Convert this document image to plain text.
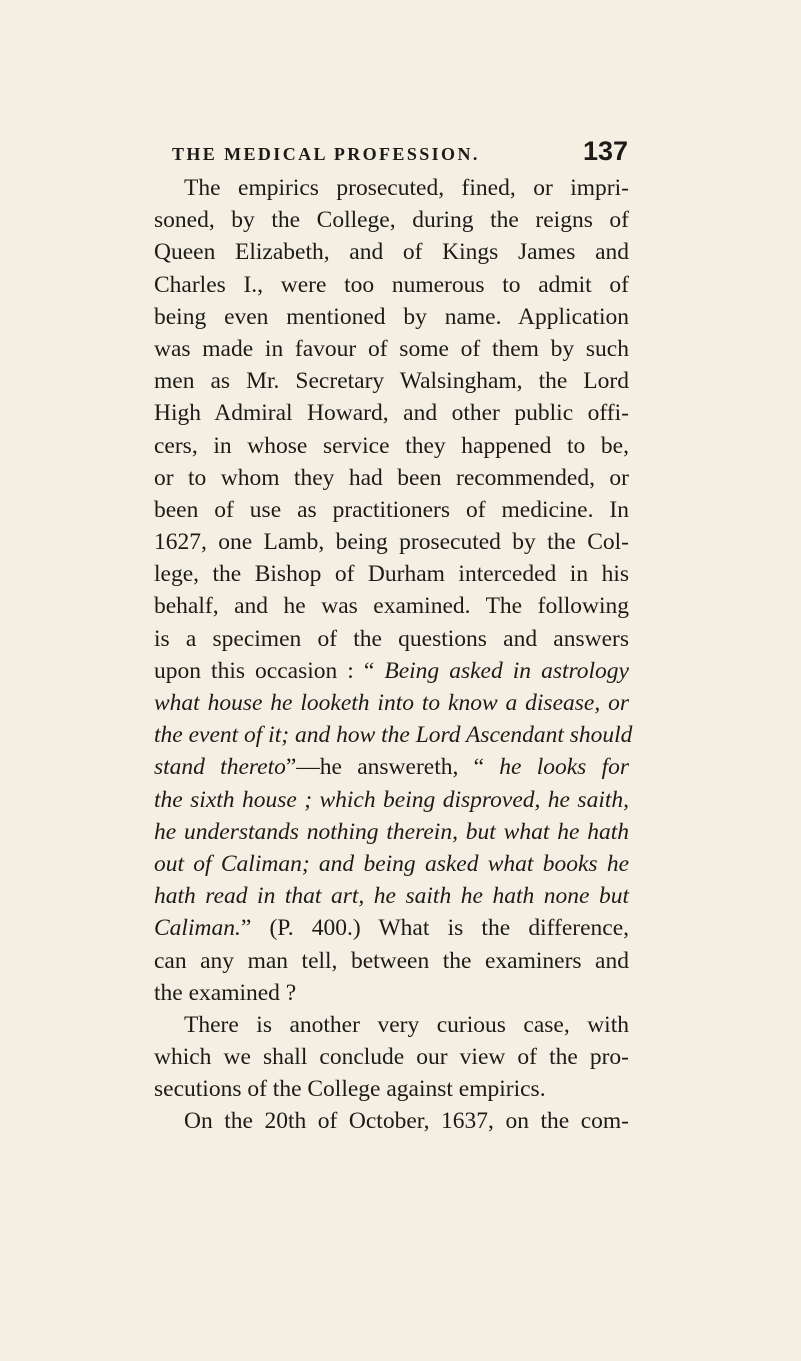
THE MEDICAL PROFESSION.	137
The empirics prosecuted, fined, or impri-
soned, by the College, during the reigns of
Queen Elizabeth, and of Kings James and
Charles I., were too numerous to admit of
being even mentioned by name. Application
was made in favour of some of them by such
men as Mr. Secretary Walsingham, the Lord
High Admiral Howard, and other public offi-
cers, in whose service they happened to be,
or to whom they had been recommended, or
been of use as practitioners of medicine. In
1627, one Lamb, being prosecuted by the Col-
lege, the Bishop of Durham interceded in his
behalf, and he was examined. The following
is a specimen of the questions and answers
upon this occasion : “ Being asked in astrology
what house he looketh into to know a disease, or
the event of it; and how the Lord Ascendant should
stand thereto”—he answereth, “ he looks for
the sixth house ; which being disproved, he saith,
he understands nothing therein, but what he hath
out of Caliman; and being asked what books he
hath read in that art, he saith he hath none but
Caliman.” (P. 400.) What is the difference,
can any man tell, between the examiners and
the examined ?
There is another very curious case, with
which we shall conclude our view of the pro-
secutions of the College against empirics.
On the 20th of October, 1637, on the com-
